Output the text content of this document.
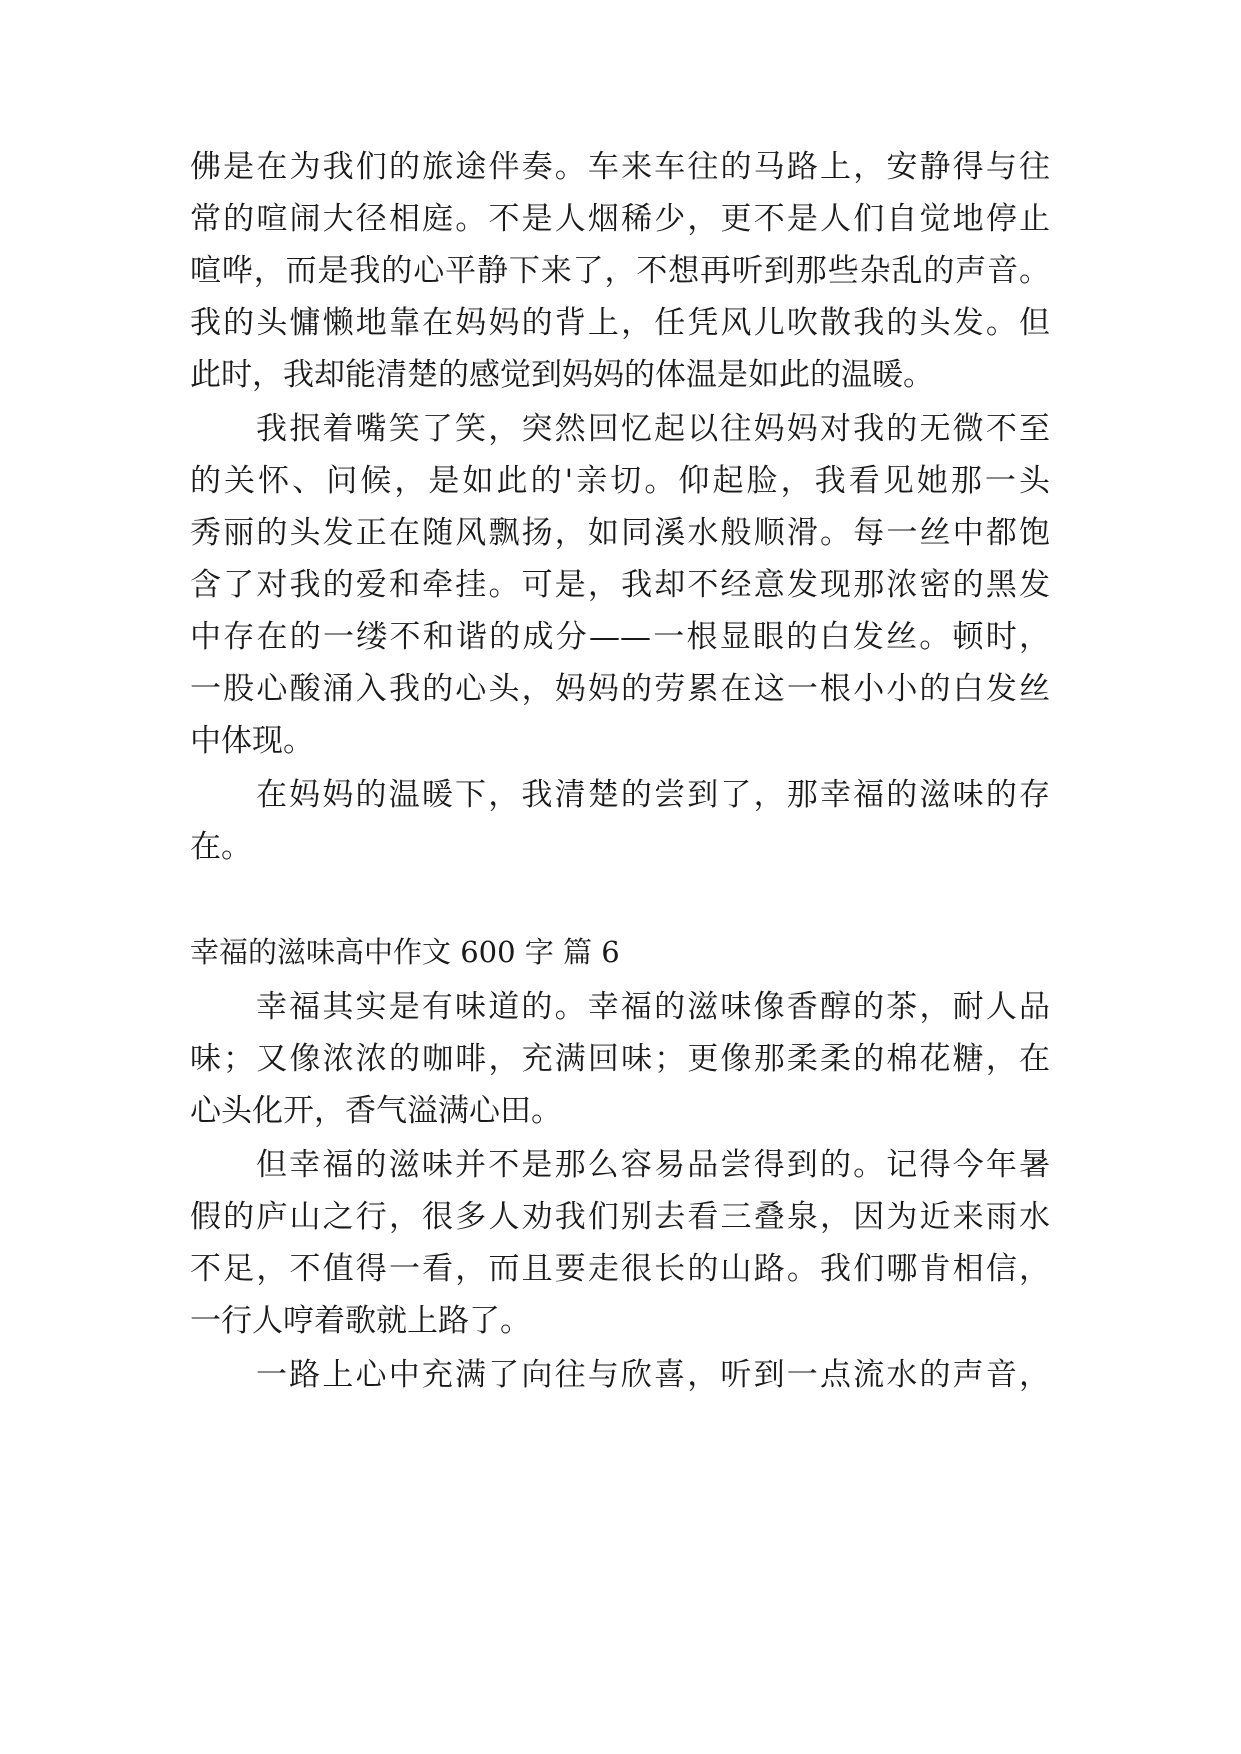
佛是在为我们的旅途伴奏。车来车往的马路上，安静得与往
常的喧闹大径相庭。不是人烟稀少，更不是人们自觉地停止
喧哗，而是我的心平静下来了，不想再听到那些杂乱的声音。
我的头慵懒地靠在妈妈的背上，任凭风儿吹散我的头发。但
此时，我却能清楚的感觉到妈妈的体温是如此的温暖。
我抿着嘴笑了笑，突然回忆起以往妈妈对我的无微不至
的关怀、问候，是如此的'亲切。仰起脸，我看见她那一头
秀丽的头发正在随风飘扬，如同溪水般顺滑。每一丝中都饱
含了对我的爱和牵挂。可是，我却不经意发现那浓密的黑发
中存在的一缕不和谐的成分——一根显眼的白发丝。顿时，
一股心酸涌入我的心头，妈妈的劳累在这一根小小的白发丝
中体现。
在妈妈的温暖下，我清楚的尝到了，那幸福的滋味的存
在。
幸福的滋味高中作文 600 字 篇 6
幸福其实是有味道的。幸福的滋味像香醇的茶，耐人品
味；又像浓浓的咖啡，充满回味；更像那柔柔的棉花糖，在
心头化开，香气溢满心田。
但幸福的滋味并不是那么容易品尝得到的。记得今年暑
假的庐山之行，很多人劝我们别去看三叠泉，因为近来雨水
不足，不值得一看，而且要走很长的山路。我们哪肯相信，
一行人哼着歌就上路了。
一路上心中充满了向往与欣喜，听到一点流水的声音，
